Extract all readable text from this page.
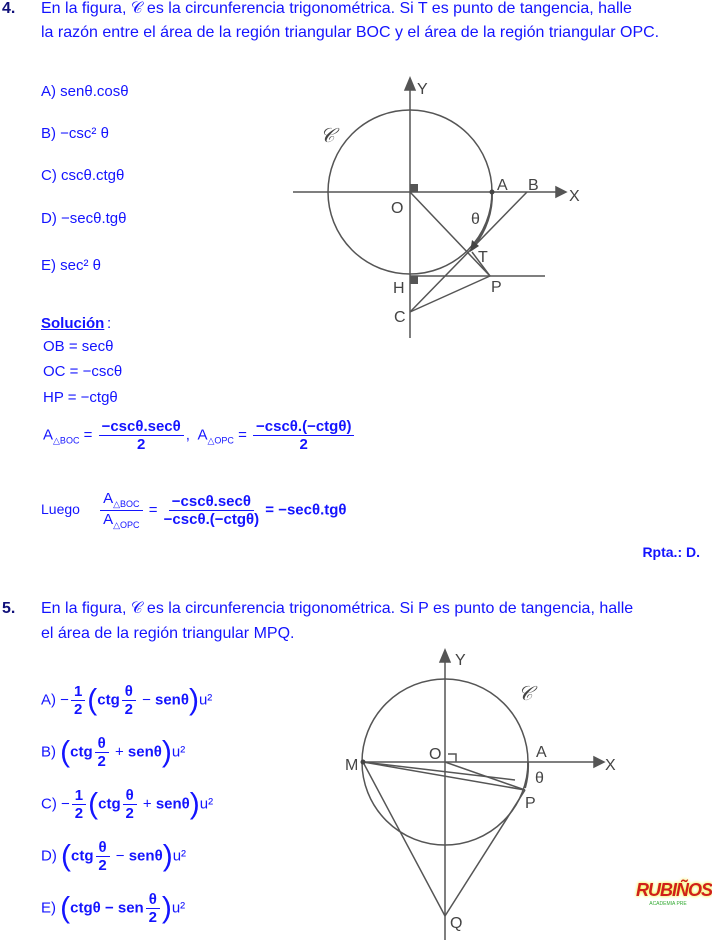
4. En la figura, 𝒞 es la circunferencia trigonométrica. Si T es punto de tangencia, halle
la razón entre el área de la región triangular BOC y el área de la región triangular OPC.
A) senθ.cosθ
B) −csc² θ
C) cscθ.ctgθ
D) −secθ.tgθ
E) sec² θ
Y
X
A B
O
θ
T
H	P
C
𝒞
Y
X
A
O
M
P
Q
θ
𝒞
Solución :
OB = secθ
OC = −cscθ
HP = −ctgθ
$A_{\triangle BOC} = \frac{-\csc\theta.\sec\theta}{2}$ ,  $A_{\triangle OPC} = \frac{\text{−cscθ.(−ctgθ)}}{2}$
Luego $\frac{A_{\triangle BOC}}{A_{\triangle OPC}} = \frac{-\csc\theta.\sec\theta}{\text{−cscθ.(−ctgθ)}} = -\sec\theta.tg\theta$
Rpta.: D.
5. En la figura, 𝒞 es la circunferencia trigonométrica. Si P es punto de tangencia, halle
el área de la región triangular MPQ.
$A) - \frac{1}{2} (ctg \frac{\theta}{2} - sen\theta)u^2$
B) $(ctg \frac{\theta}{2} + sen\theta)u^2$
$C) - \frac{1}{2} (ctg \frac{\theta}{2} + sen\theta)u^2$
D) $(ctg \frac{\theta}{2} - sen\theta)u^2$
E) (ctgθ − sen $\frac{\theta}{2} )u^2$
RUBIÑOS
ACADEMIA PRE
